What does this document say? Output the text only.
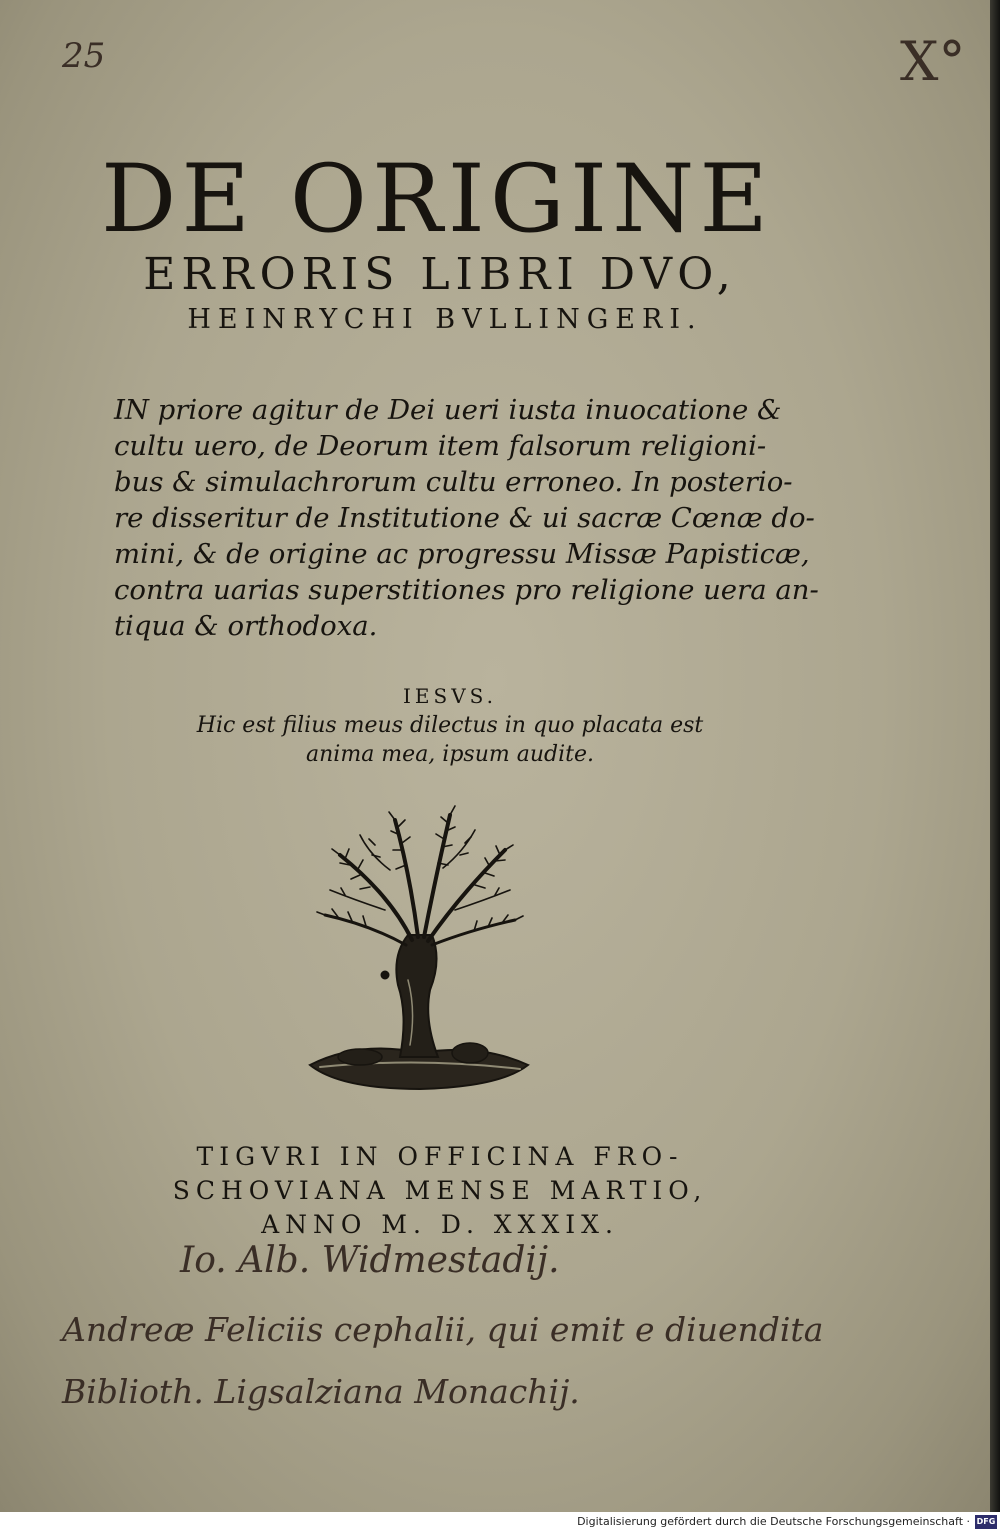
25	X°
DE ORIGINE
ERRORIS LIBRI DVO,
HEINRYCHI BVLLINGERI.
IN priore agitur de Dei ueri iusta inuocatione &
cultu uero, de Deorum item falsorum religioni-
bus & simulachrorum cultu erroneo. In posterio-
re disseritur de Institutione & ui sacræ Cœnæ do-
mini, & de origine ac progressu Missæ Papisticæ,
contra uarias superstitiones pro religione uera an-
tiqua & orthodoxa.
IESVS.
Hic est filius meus dilectus in quo placata est
anima mea, ipsum audite.
TIGVRI IN OFFICINA FRO-
SCHOVIANA MENSE MARTIO,
ANNO M. D. XXXIX.
Io. Alb. Widmestadij.
Andreæ Feliciis cephalii, qui emit e diuendita
Biblioth. Ligsalziana Monachij.
Digitalisierung gefördert durch die Deutsche Forschungsgemeinschaft · DFG
